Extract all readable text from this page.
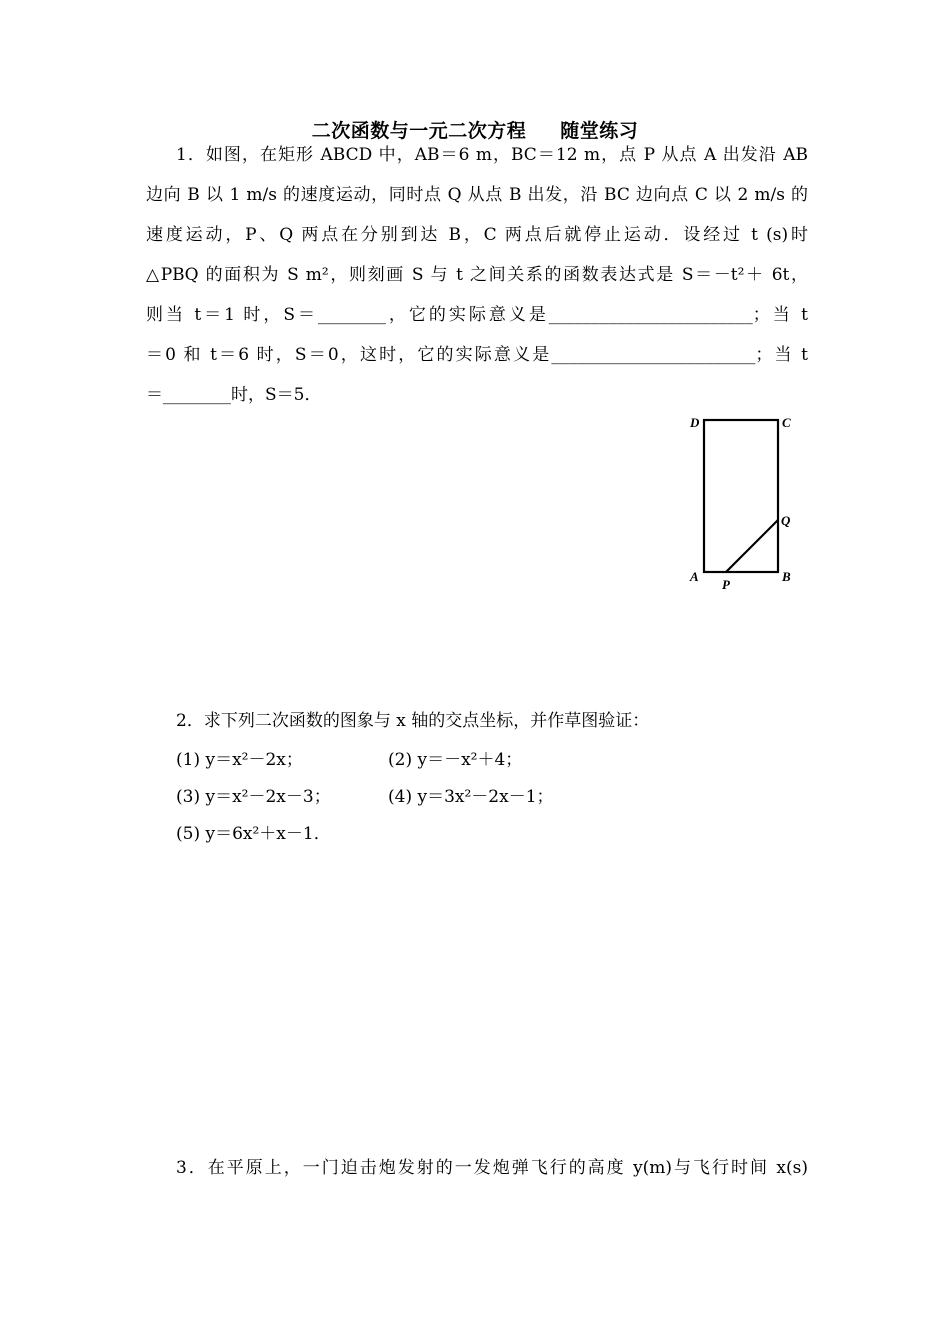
二次函数与一元二次方程 随堂练习
1．如图，在矩形 ABCD 中，AB＝6 m，BC＝12 m，点 P 从点 A 出发沿 AB
边向 B 以 1 m/s 的速度运动，同时点 Q 从点 B 出发，沿 BC 边向点 C 以 2 m/s 的
速度运动，P、Q 两点在分别到达 B，C 两点后就停止运动．设经过 t (s)时
△PBQ 的面积为 S m²，则刻画 S 与 t 之间关系的函数表达式是 S＝－t²＋ 6t，
则当 t＝1 时，S＝________，它的实际意义是________________________；当 t
＝0 和 t＝6 时，S＝0，这时，它的实际意义是________________________；当 t
＝________时，S＝5．
D	C
Q
A
P
B
2．求下列二次函数的图象与 x 轴的交点坐标，并作草图验证：
(1) y＝x²－2x；	(2) y＝－x²＋4；
(3) y＝x²－2x－3；	(4) y＝3x²－2x－1；
(5) y＝6x²＋x－1．
3．在平原上，一门迫击炮发射的一发炮弹飞行的高度 y(m)与飞行时间 x(s)
